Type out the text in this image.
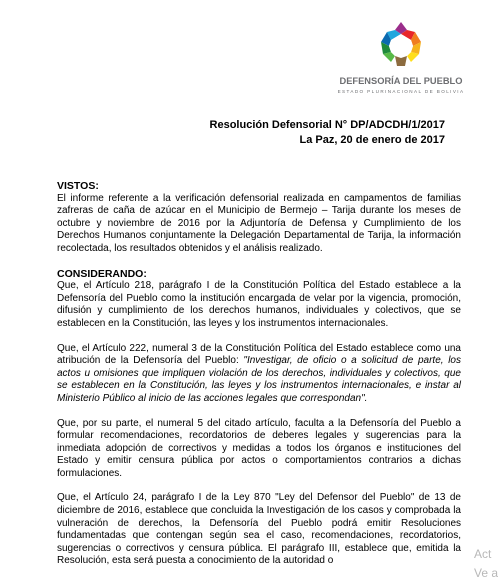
DEFENSORÍA DEL PUEBLO
ESTADO PLURINACIONAL DE BOLIVIA
Resolución Defensorial N° DP/ADCDH/1/2017
La Paz, 20 de enero de 2017
VISTOS:

El informe referente a la verificación defensorial realizada en campamentos de familias zafreras de caña de azúcar en el Municipio de Bermejo – Tarija durante los meses de octubre y noviembre de 2016 por la Adjuntoría de Defensa y Cumplimiento de los Derechos Humanos conjuntamente la Delegación Departamental de Tarija, la información recolectada, los resultados obtenidos y el análisis realizado.

CONSIDERANDO:

Que, el Artículo 218, parágrafo I de la Constitución Política del Estado establece a la Defensoría del Pueblo como la institución encargada de velar por la vigencia, promoción, difusión y cumplimiento de los derechos humanos, individuales y colectivos, que se establecen en la Constitución, las leyes y los instrumentos internacionales.

Que, el Artículo 222, numeral 3 de la Constitución Política del Estado establece como una atribución de la Defensoría del Pueblo: "Investigar, de oficio o a solicitud de parte, los actos u omisiones que impliquen violación de los derechos, individuales y colectivos, que se establecen en la Constitución, las leyes y los instrumentos internacionales, e instar al Ministerio Público al inicio de las acciones legales que correspondan".

Que, por su parte, el numeral 5 del citado artículo, faculta a la Defensoría del Pueblo a formular recomendaciones, recordatorios de deberes legales y sugerencias para la inmediata adopción de correctivos y medidas a todos los órganos e instituciones del Estado y emitir censura pública por actos o comportamientos contrarios a dichas formulaciones.

Que, el Artículo 24, parágrafo I de la Ley 870 "Ley del Defensor del Pueblo" de 13 de diciembre de 2016, establece que concluida la Investigación de los casos y comprobada la vulneración de derechos, la Defensoría del Pueblo podrá emitir Resoluciones fundamentadas que contengan según sea el caso, recomendaciones, recordatorios, sugerencias o correctivos y censura pública. El parágrafo III, establece que, emitida la Resolución, esta será puesta a conocimiento de la autoridad o	Act
Ve a
